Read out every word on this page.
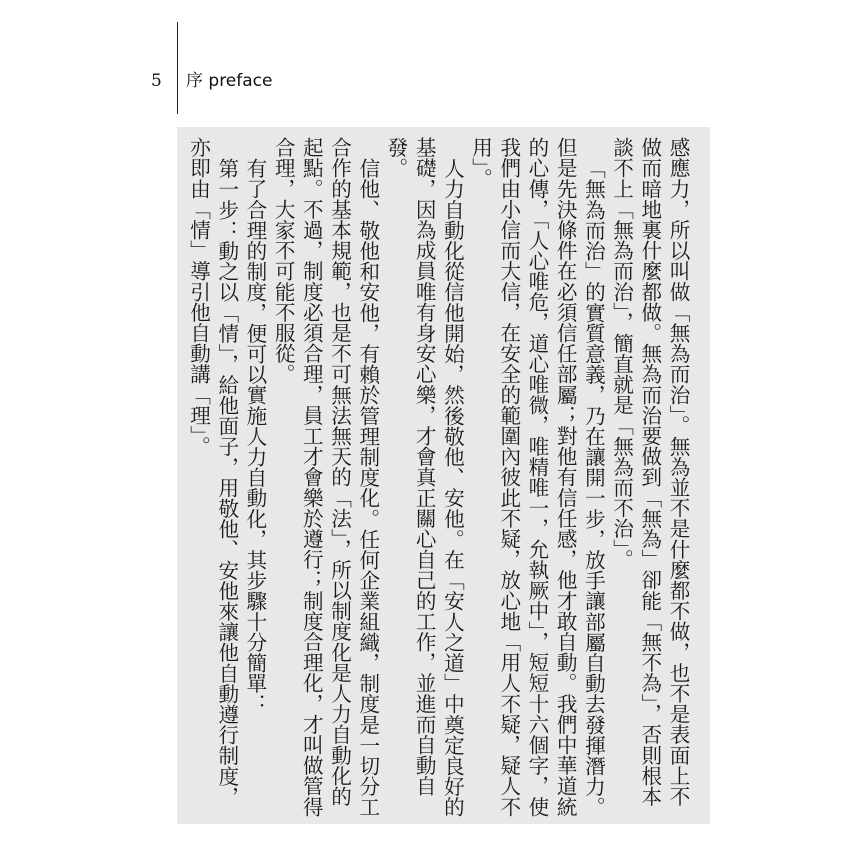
5 序 preface

感應力，所以叫做「無為而治」。無為並不是什麼都不做，也不是表面上不做而暗地裏什麼都做。無為而治要做到「無為」卻能「無不為」，否則根本談不上「無為而治」，簡直就是「無為而不治」。

「無為而治」的實質意義，乃在讓開一步，放手讓部屬自動去發揮潛力。但是先決條件在必須信任部屬；對他有信任感，他才敢自動。我們中華道統的心傳，「人心唯危，道心唯微，唯精唯一，允執厥中」，短短十六個字，使我們由小信而大信，在安全的範圍內彼此不疑，放心地「用人不疑，疑人不用」。

人力自動化從信他開始，然後敬他、安他。在「安人之道」中奠定良好的基礎，因為成員唯有身安心樂，才會真正關心自己的工作，並進而自動自發。

信他、敬他和安他，有賴於管理制度化。任何企業組織，制度是一切分工合作的基本規範，也是不可無法無天的「法」，所以制度化是人力自動化的起點。不過，制度必須合理，員工才會樂於遵行；制度合理化，才叫做管得合理，大家不可能不服從。

有了合理的制度，便可以實施人力自動化，其步驟十分簡單：

第一步：動之以「情」，給他面子，用敬他、安他來讓他自動遵行制度，亦即由「情」導引他自動講「理」。
